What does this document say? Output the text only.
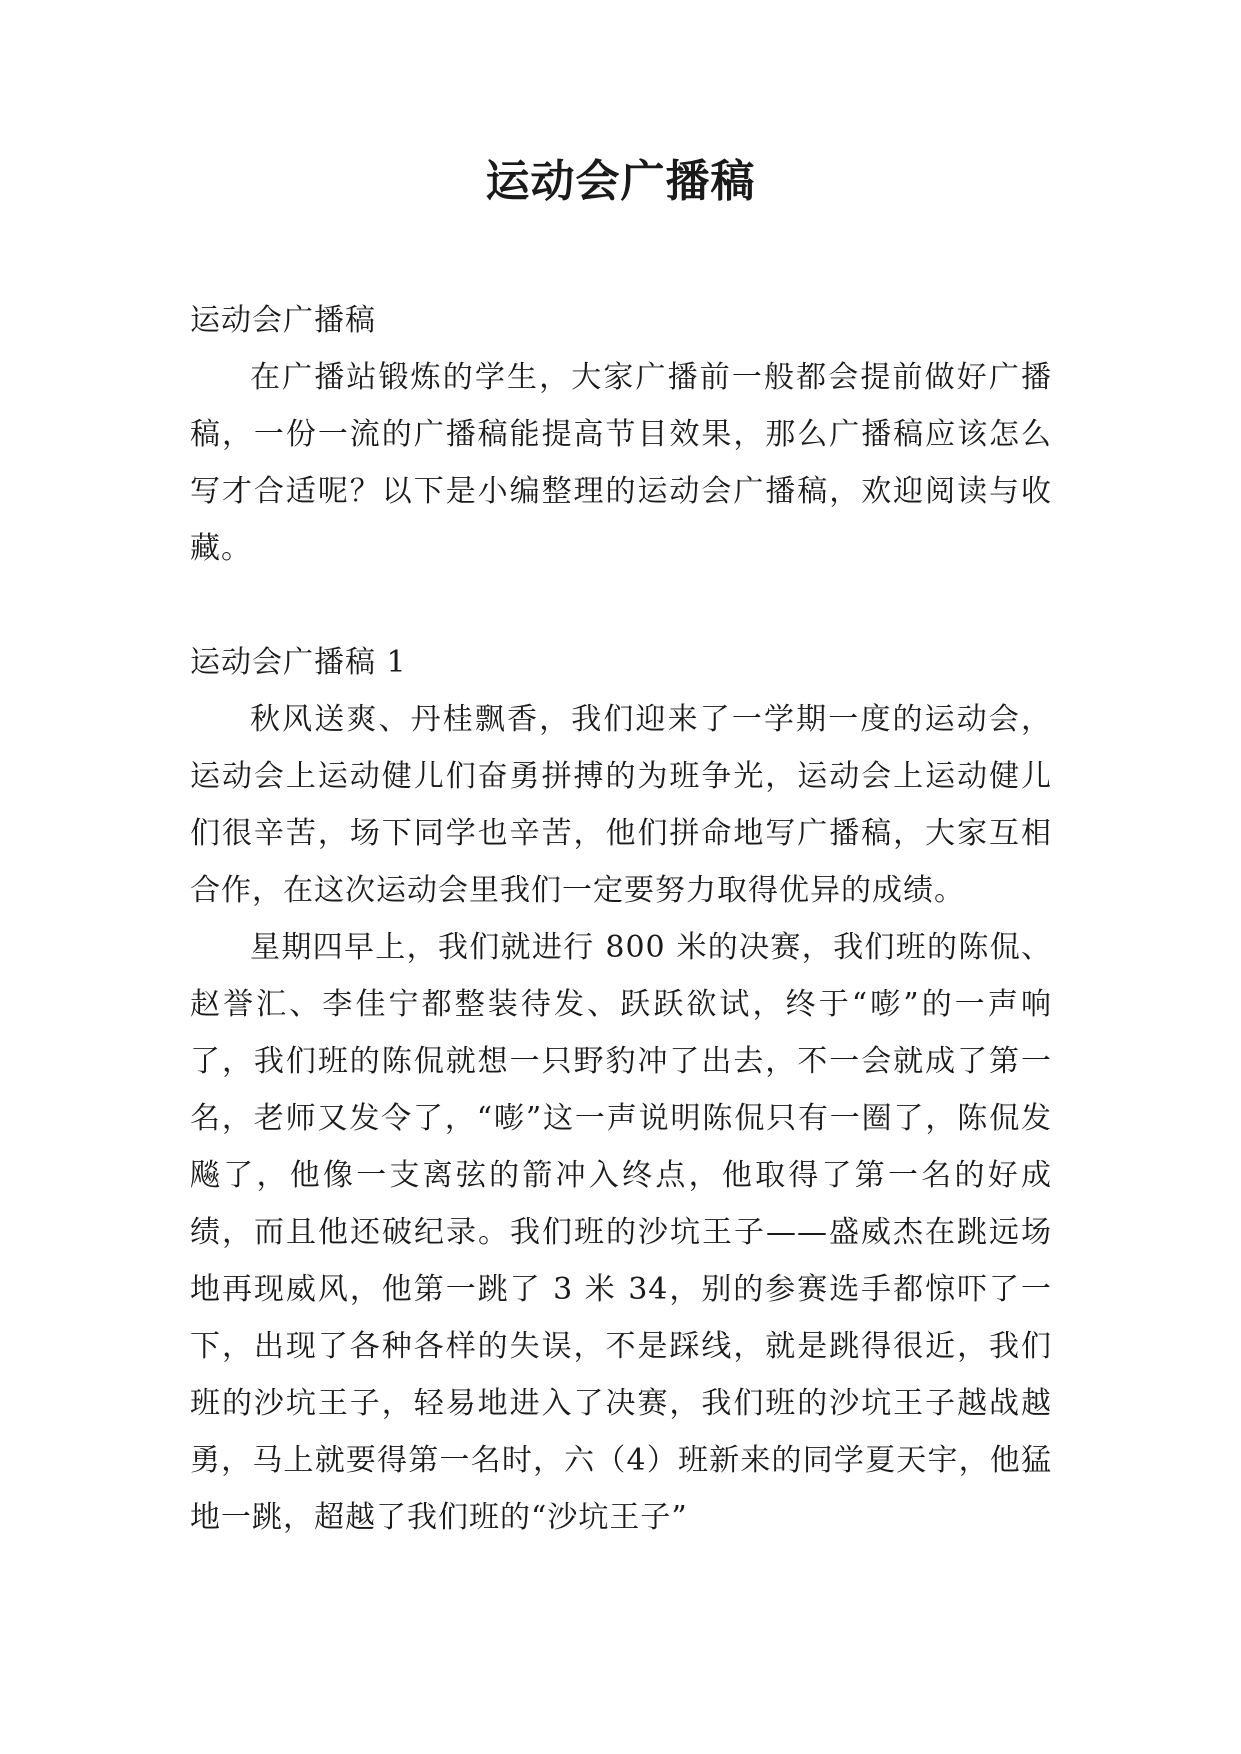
运动会广播稿

运动会广播稿

在广播站锻炼的学生，大家广播前一般都会提前做好广播稿，一份一流的广播稿能提高节目效果，那么广播稿应该怎么写才合适呢？以下是小编整理的运动会广播稿，欢迎阅读与收藏。

运动会广播稿 1

秋风送爽、丹桂飘香，我们迎来了一学期一度的运动会，运动会上运动健儿们奋勇拼搏的为班争光，运动会上运动健儿们很辛苦，场下同学也辛苦，他们拼命地写广播稿，大家互相合作，在这次运动会里我们一定要努力取得优异的成绩。

星期四早上，我们就进行 800 米的决赛，我们班的陈侃、赵誉汇、李佳宁都整装待发、跃跃欲试，终于“嘭”的一声响了，我们班的陈侃就想一只野豹冲了出去，不一会就成了第一名，老师又发令了，“嘭”这一声说明陈侃只有一圈了，陈侃发飚了，他像一支离弦的箭冲入终点，他取得了第一名的好成绩，而且他还破纪录。我们班的沙坑王子——盛威杰在跳远场地再现威风，他第一跳了 3 米 34，别的参赛选手都惊吓了一下，出现了各种各样的失误，不是踩线，就是跳得很近，我们班的沙坑王子，轻易地进入了决赛，我们班的沙坑王子越战越勇，马上就要得第一名时，六（4）班新来的同学夏天宇，他猛地一跳，超越了我们班的“沙坑王子”
